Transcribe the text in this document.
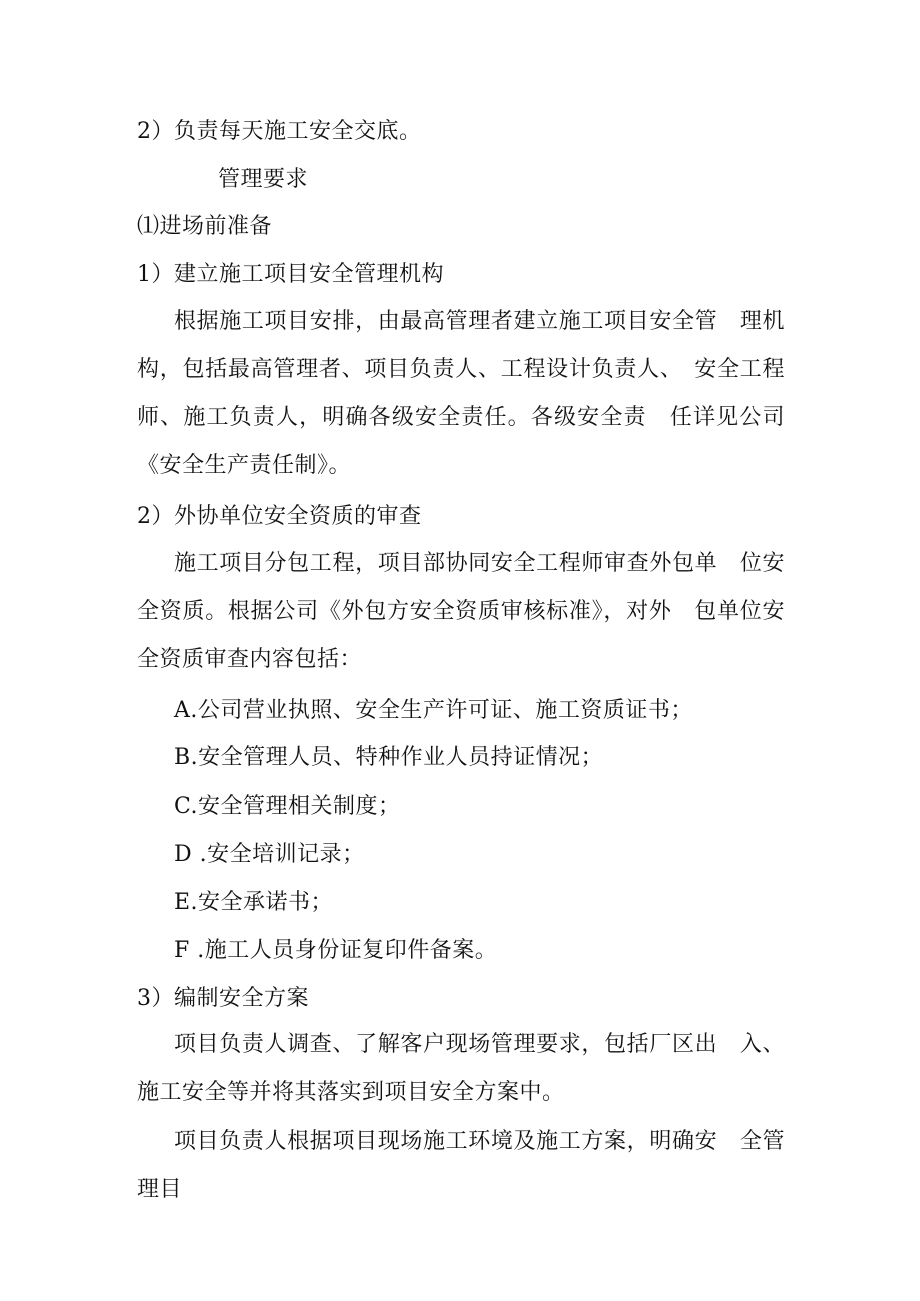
2）负责每天施工安全交底。
管理要求
⑴进场前准备
1）建立施工项目安全管理机构
根据施工项目安排，由最高管理者建立施工项目安全管　理机构，包括最高管理者、项目负责人、工程设计负责人、　安全工程师、施工负责人，明确各级安全责任。各级安全责　任详见公司《安全生产责任制》。
2）外协单位安全资质的审查
施工项目分包工程，项目部协同安全工程师审查外包单　位安全资质。根据公司《外包方安全资质审核标准》，对外　包单位安全资质审查内容包括：
A.公司营业执照、安全生产许可证、施工资质证书；
B.安全管理人员、特种作业人员持证情况；
C.安全管理相关制度；
D .安全培训记录；
E.安全承诺书；
F .施工人员身份证复印件备案。
3）编制安全方案
项目负责人调查、了解客户现场管理要求，包括厂区出　入、施工安全等并将其落实到项目安全方案中。
项目负责人根据项目现场施工环境及施工方案，明确安　全管理目
